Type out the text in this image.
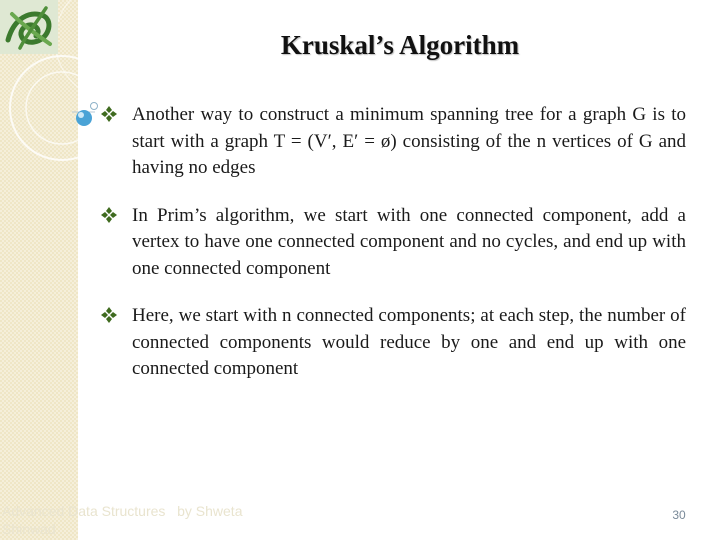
Kruskal’s Algorithm
Another way to construct a minimum spanning tree for a graph G is to start with a graph T = (V′, E′ = ø) consisting of the n vertices of G and having no edges
In Prim’s algorithm, we start with one connected component, add a vertex to have one connected component and no cycles, and end up with one connected component
Here, we start with n connected components; at each step, the number of connected components would reduce by one and end up with one connected component
Advanced Data Structures by Shweta
Shinwad
30
